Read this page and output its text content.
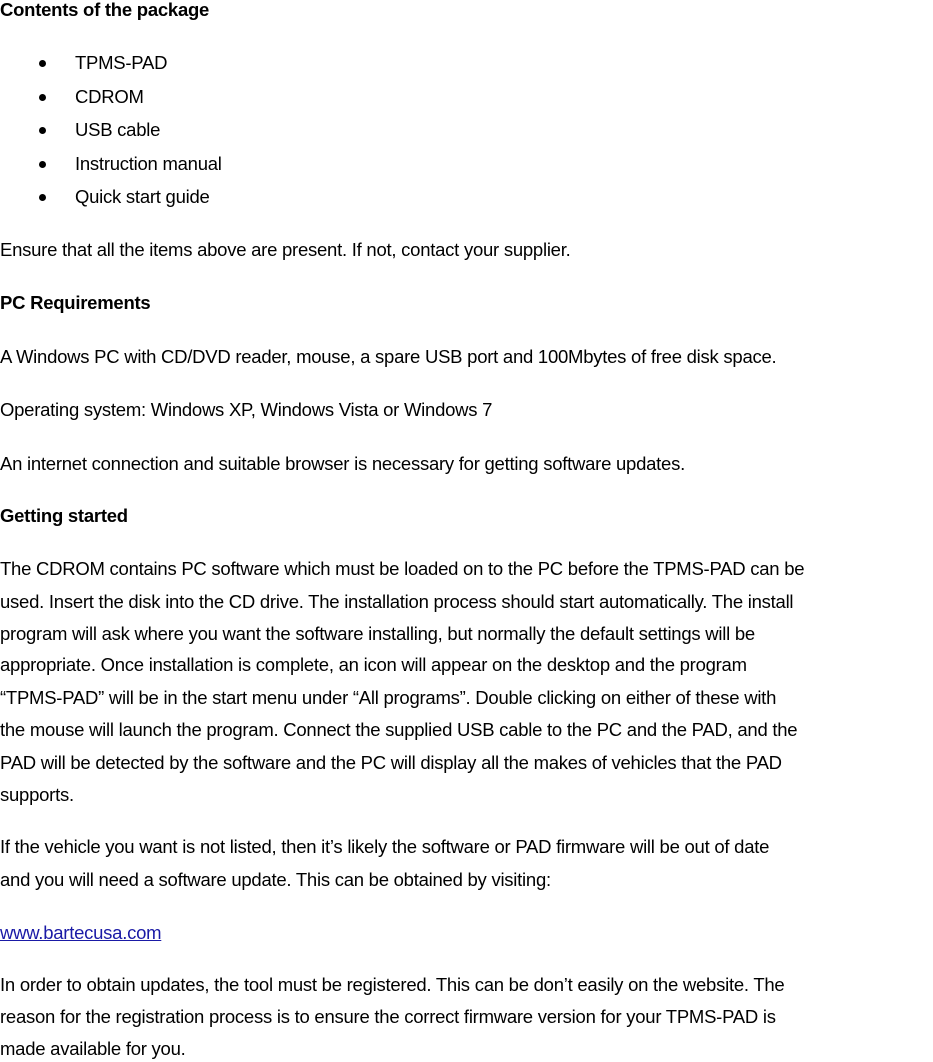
Contents of the package
TPMS-PAD
CDROM
USB cable
Instruction manual
Quick start guide
Ensure that all the items above are present. If not, contact your supplier.
PC Requirements
A Windows PC with CD/DVD reader, mouse, a spare USB port and 100Mbytes of free disk space.
Operating system: Windows XP, Windows Vista or Windows 7
An internet connection and suitable browser is necessary for getting software updates.
Getting started
The CDROM contains PC software which must be loaded on to the PC before the TPMS-PAD can be
used. Insert the disk into the CD drive. The installation process should start automatically. The install
program will ask where you want the software installing, but normally the default settings will be
appropriate. Once installation is complete, an icon will appear on the desktop and the program
“TPMS-PAD” will be in the start menu under “All programs”. Double clicking on either of these with
the mouse will launch the program. Connect the supplied USB cable to the PC and the PAD, and the
PAD will be detected by the software and the PC will display all the makes of vehicles that the PAD
supports.
If the vehicle you want is not listed, then it’s likely the software or PAD firmware will be out of date
and you will need a software update. This can be obtained by visiting:
www.bartecusa.com
In order to obtain updates, the tool must be registered. This can be don’t easily on the website. The
reason for the registration process is to ensure the correct firmware version for your TPMS-PAD is
made available for you.
